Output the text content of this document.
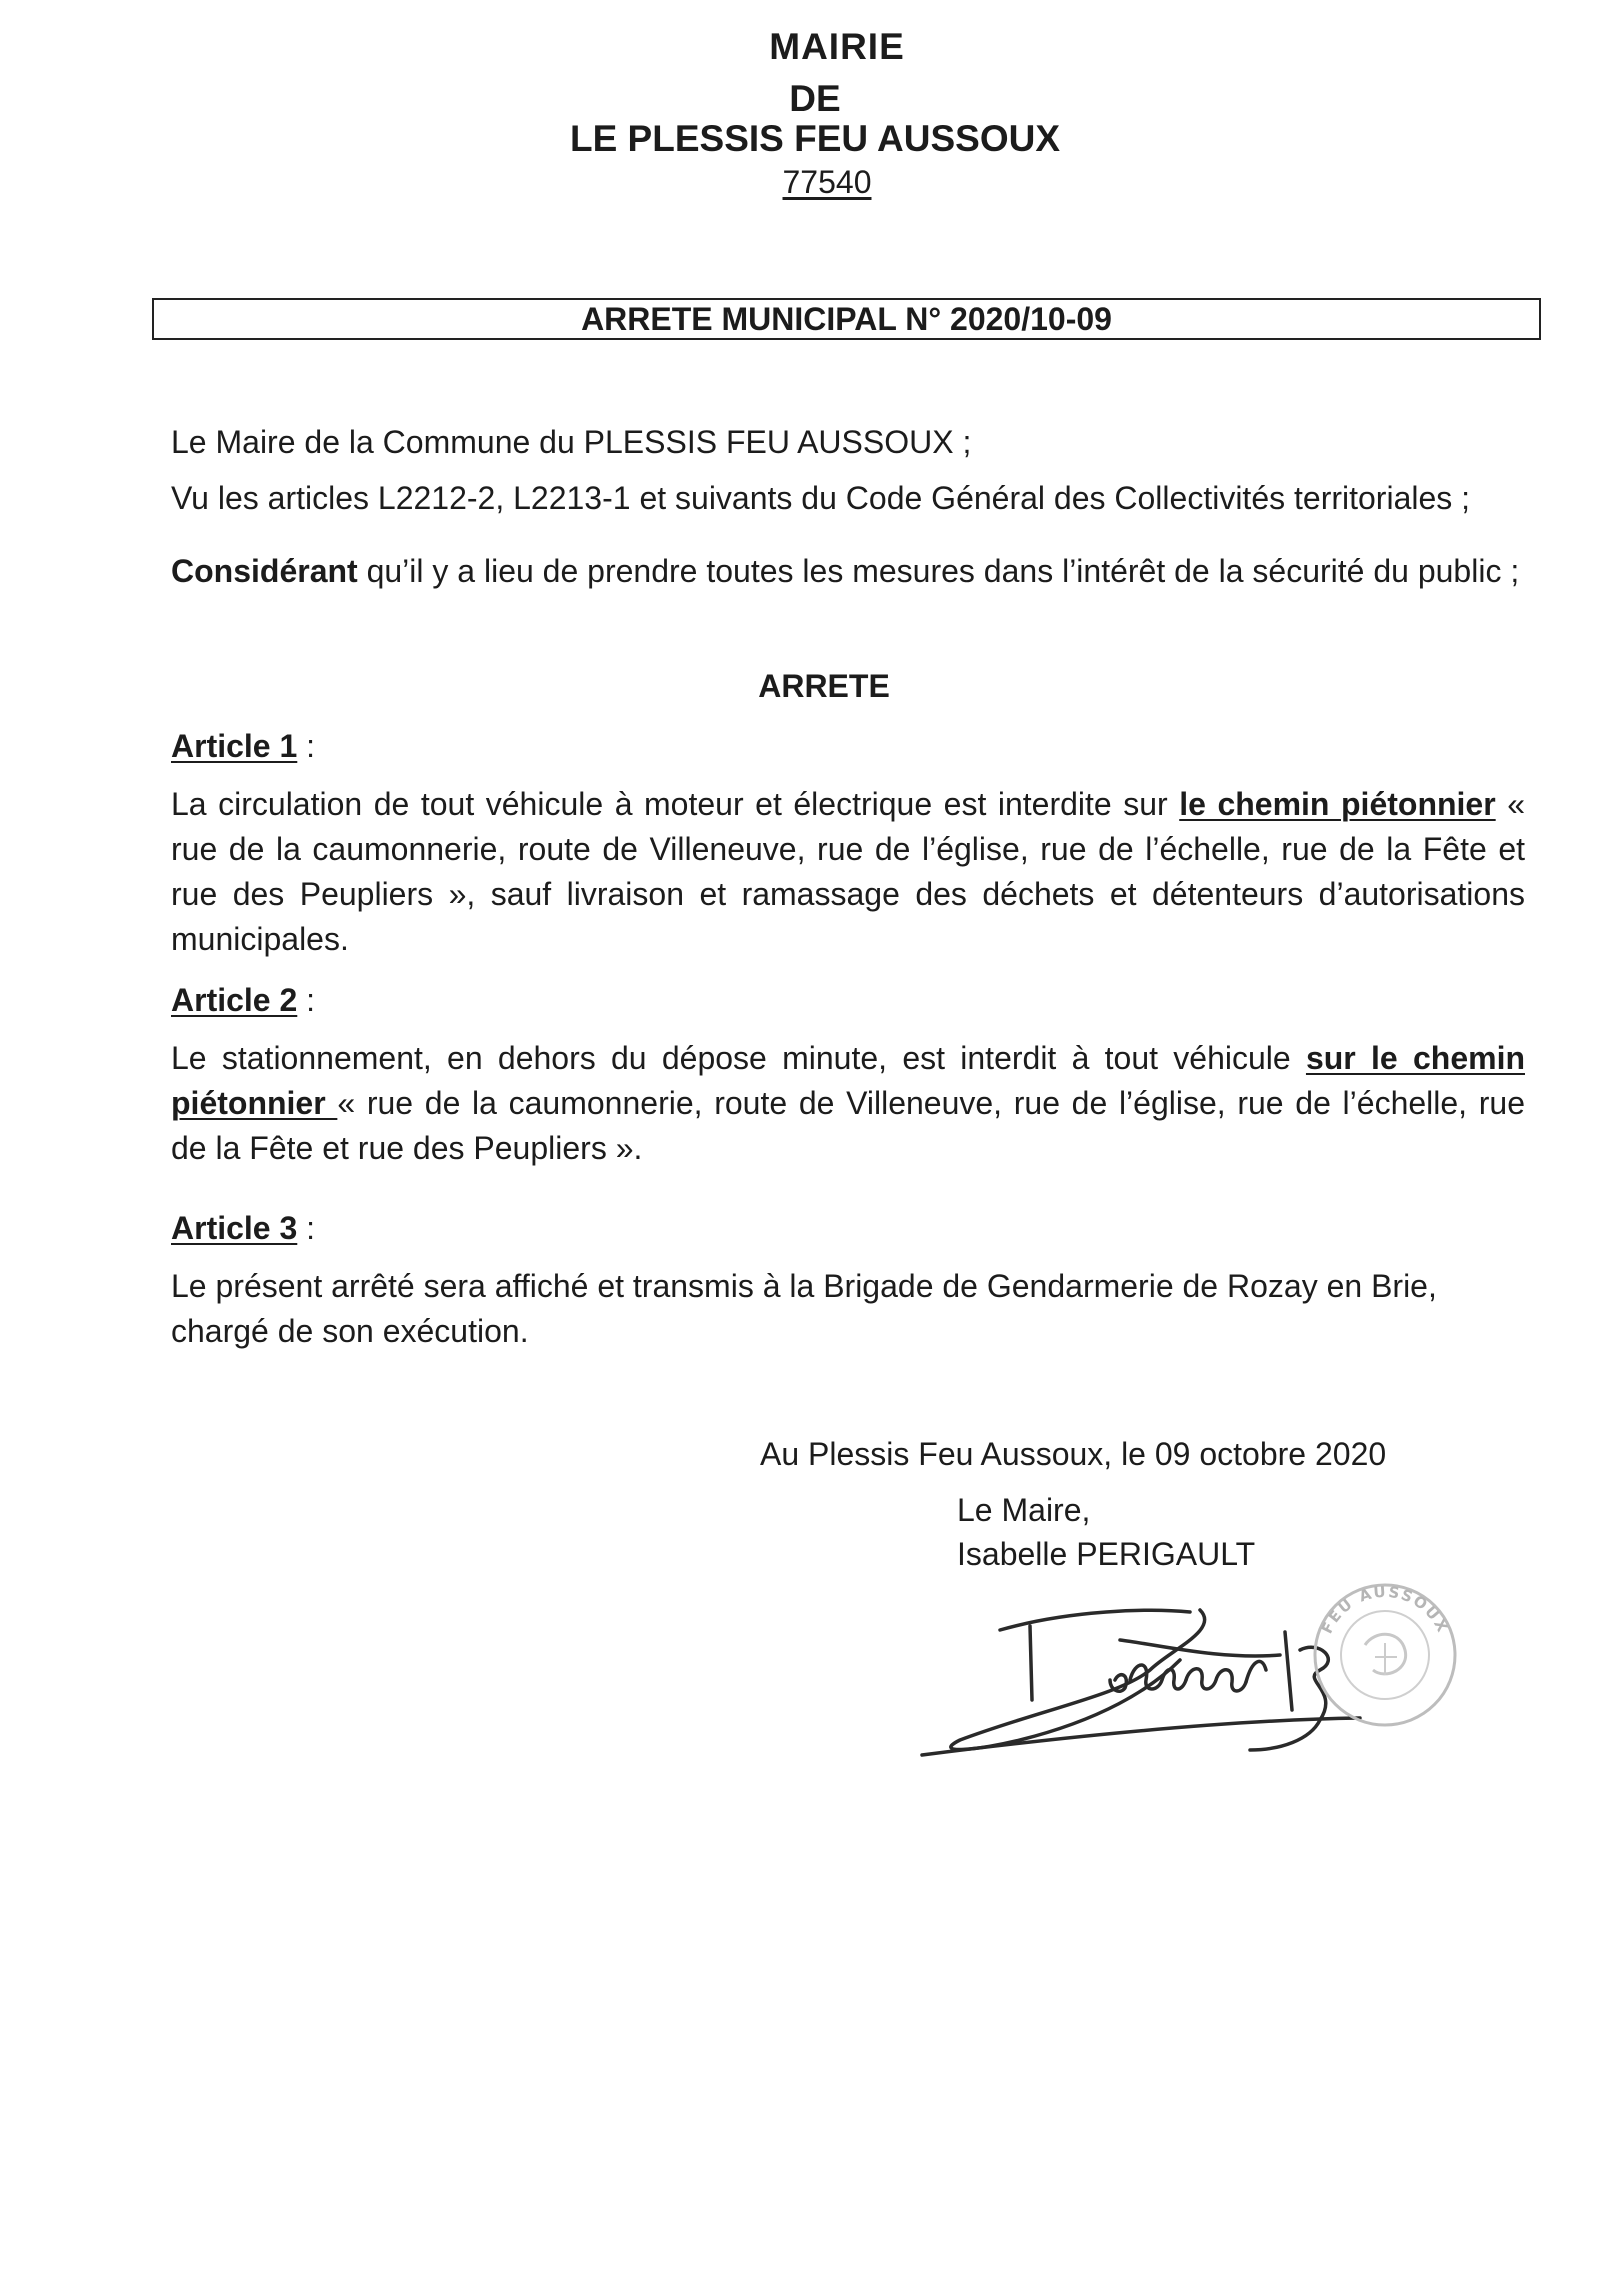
MAIRIE
DE
LE PLESSIS FEU AUSSOUX
77540
ARRETE MUNICIPAL N° 2020/10-09
Le Maire de la Commune du PLESSIS FEU AUSSOUX ;
Vu les articles L2212-2, L2213-1 et suivants du Code Général des Collectivités territoriales ;
Considérant qu’il y a lieu de prendre toutes les mesures dans l’intérêt de la sécurité du public ;
ARRETE
Article 1 :
La circulation de tout véhicule à moteur et électrique est interdite sur le chemin piétonnier « rue de la caumonnerie, route de Villeneuve, rue de l’église, rue de l’échelle, rue de la Fête et rue des Peupliers », sauf livraison et ramassage des déchets et détenteurs d’autorisations municipales.
Article 2 :
Le stationnement, en dehors du dépose minute, est interdit à tout véhicule sur le chemin piétonnier « rue de la caumonnerie, route de Villeneuve, rue de l’église, rue de l’échelle, rue de la Fête et rue des Peupliers ».
Article 3 :
Le présent arrêté sera affiché et transmis à la Brigade de Gendarmerie de Rozay en Brie, chargé de son exécution.
Au Plessis Feu Aussoux, le 09 octobre 2020
Le Maire,
Isabelle PERIGAULT
FEU AUSSOUX
